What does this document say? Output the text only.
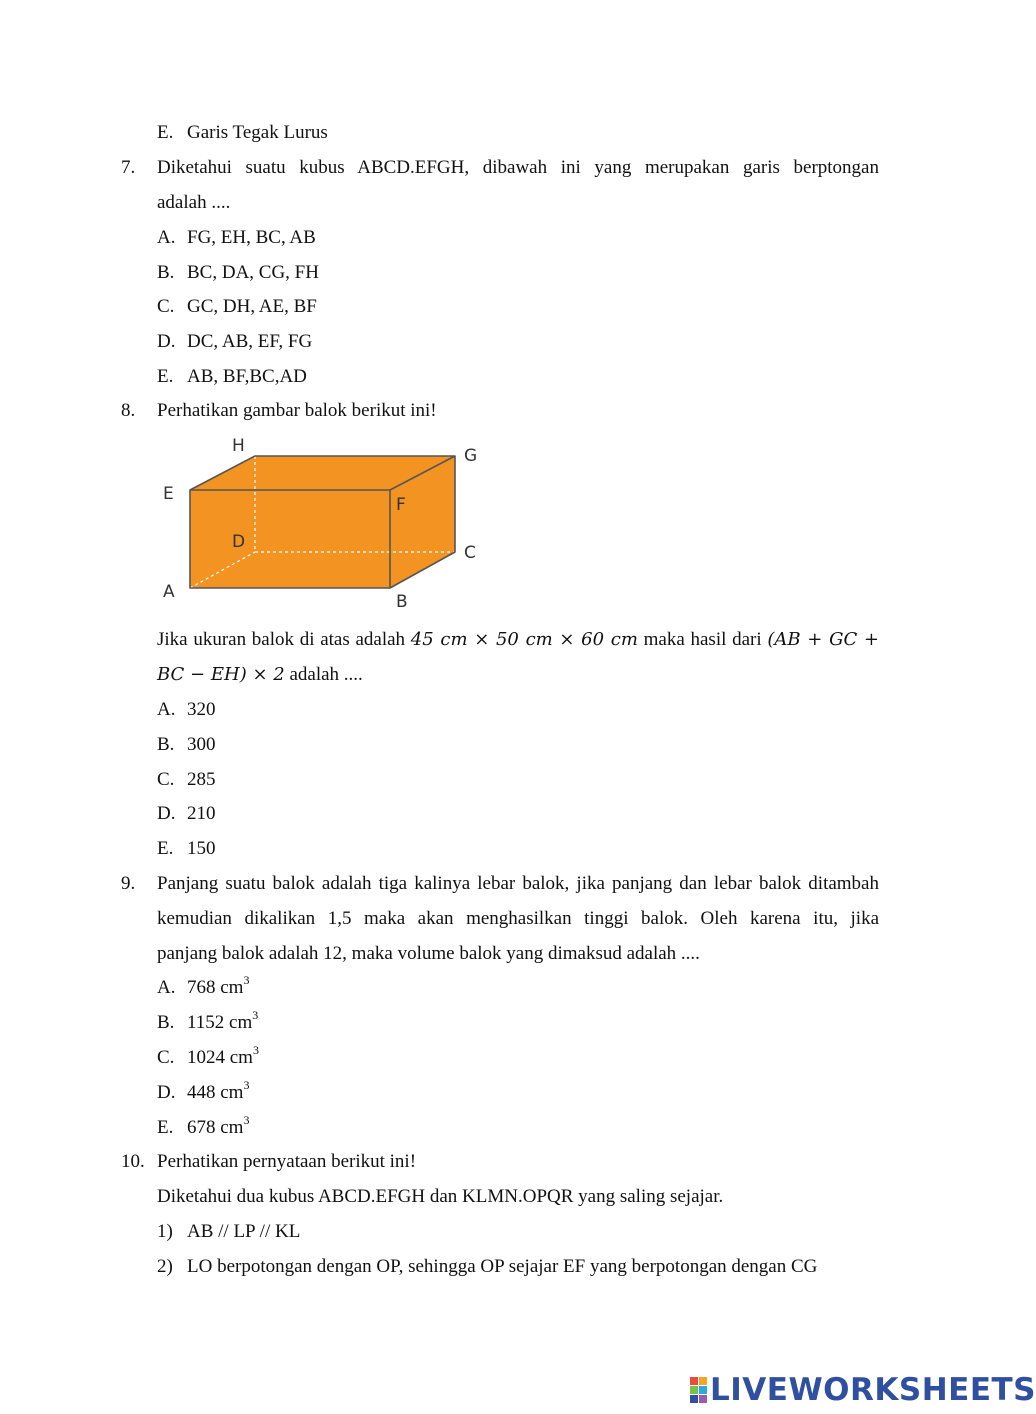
E. Garis Tegak Lurus
7. Diketahui suatu kubus ABCD.EFGH, dibawah ini yang merupakan garis berptongan
adalah ....
A. FG, EH, BC, AB
B. BC, DA, CG, FH
C. GC, DH, AE, BF
D. DC, AB, EF, FG
E. AB, BF,BC,AD
8. Perhatikan gambar balok berikut ini!
H	G
E
F
D
C
A	B
Jika ukuran balok di atas adalah 45 cm × 50 cm × 60 cm maka hasil dari (AB + GC +
BC − EH) × 2 adalah ....
A. 320
B. 300
C. 285
D. 210
E. 150
9. Panjang suatu balok adalah tiga kalinya lebar balok, jika panjang dan lebar balok ditambah
kemudian dikalikan 1,5 maka akan menghasilkan tinggi balok. Oleh karena itu, jika
panjang balok adalah 12, maka volume balok yang dimaksud adalah ....
A. 768 $cm^3$
B. 1152 $cm^3$
C. 1024 $cm^3$
D. 448 $cm^3$
E. 678 $cm^3$
10. Perhatikan pernyataan berikut ini!
Diketahui dua kubus ABCD.EFGH dan KLMN.OPQR yang saling sejajar.
1) AB // LP // KL
2) LO berpotongan dengan OP, sehingga OP sejajar EF yang berpotongan dengan CG
LIVEWORKSHEETS
